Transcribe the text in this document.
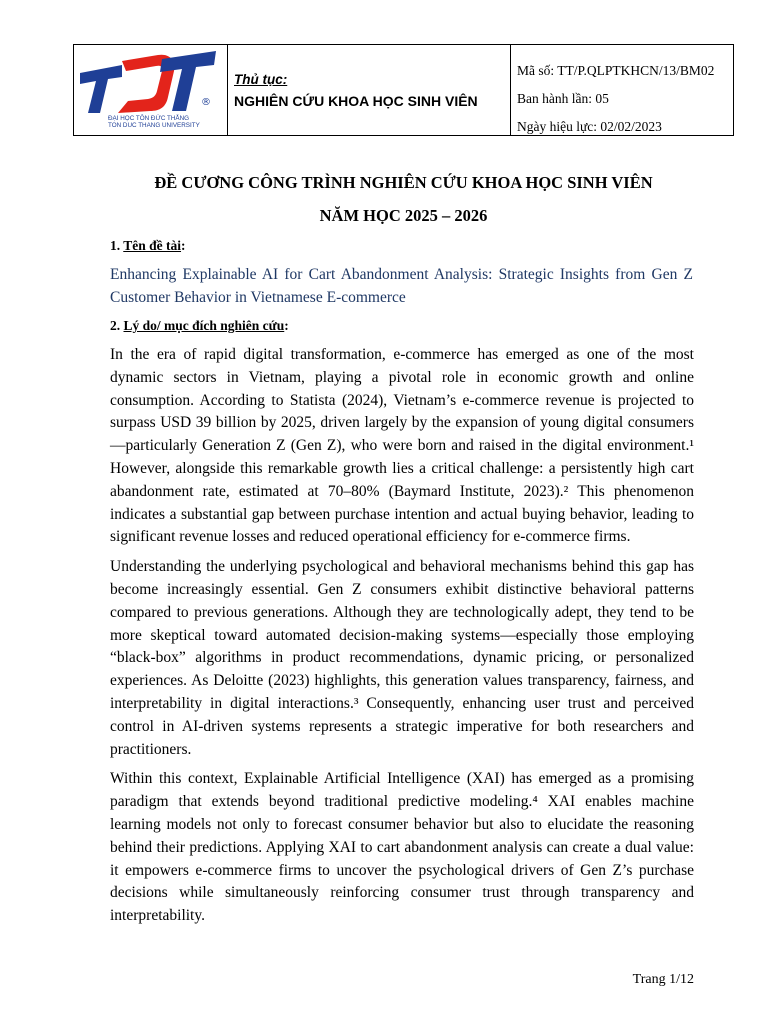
®
ĐẠI HỌC TÔN ĐỨC THẮNG
TON DUC THANG UNIVERSITY
Thủ tục:
NGHIÊN CỨU KHOA HỌC SINH VIÊN
Mã số: TT/P.QLPTKHCN/13/BM02
Ban hành lần: 05
Ngày hiệu lực: 02/02/2023
ĐỀ CƯƠNG CÔNG TRÌNH NGHIÊN CỨU KHOA HỌC SINH VIÊN
NĂM HỌC 2025 – 2026
1. Tên đề tài:
Enhancing Explainable AI for Cart Abandonment Analysis: Strategic Insights from Gen Z Customer Behavior in Vietnamese E-commerce
2. Lý do/ mục đích nghiên cứu:

In the era of rapid digital transformation, e-commerce has emerged as one of the most dynamic sectors in Vietnam, playing a pivotal role in economic growth and online consumption. According to Statista (2024), Vietnam’s e-commerce revenue is projected to surpass USD 39 billion by 2025, driven largely by the expansion of young digital consumers—particularly Generation Z (Gen Z), who were born and raised in the digital environment.¹ However, alongside this remarkable growth lies a critical challenge: a persistently high cart abandonment rate, estimated at 70–80% (Baymard Institute, 2023).² This phenomenon indicates a substantial gap between purchase intention and actual buying behavior, leading to significant revenue losses and reduced operational efficiency for e-commerce firms.

Understanding the underlying psychological and behavioral mechanisms behind this gap has become increasingly essential. Gen Z consumers exhibit distinctive behavioral patterns compared to previous generations. Although they are technologically adept, they tend to be more skeptical toward automated decision-making systems—especially those employing “black-box” algorithms in product recommendations, dynamic pricing, or personalized experiences. As Deloitte (2023) highlights, this generation values transparency, fairness, and interpretability in digital interactions.³ Consequently, enhancing user trust and perceived control in AI-driven systems represents a strategic imperative for both researchers and practitioners.

Within this context, Explainable Artificial Intelligence (XAI) has emerged as a promising paradigm that extends beyond traditional predictive modeling.⁴ XAI enables machine learning models not only to forecast consumer behavior but also to elucidate the reasoning behind their predictions. Applying XAI to cart abandonment analysis can create a dual value: it empowers e-commerce firms to uncover the psychological drivers of Gen Z’s purchase decisions while simultaneously reinforcing consumer trust through transparency and interpretability.

Trang 1/12
